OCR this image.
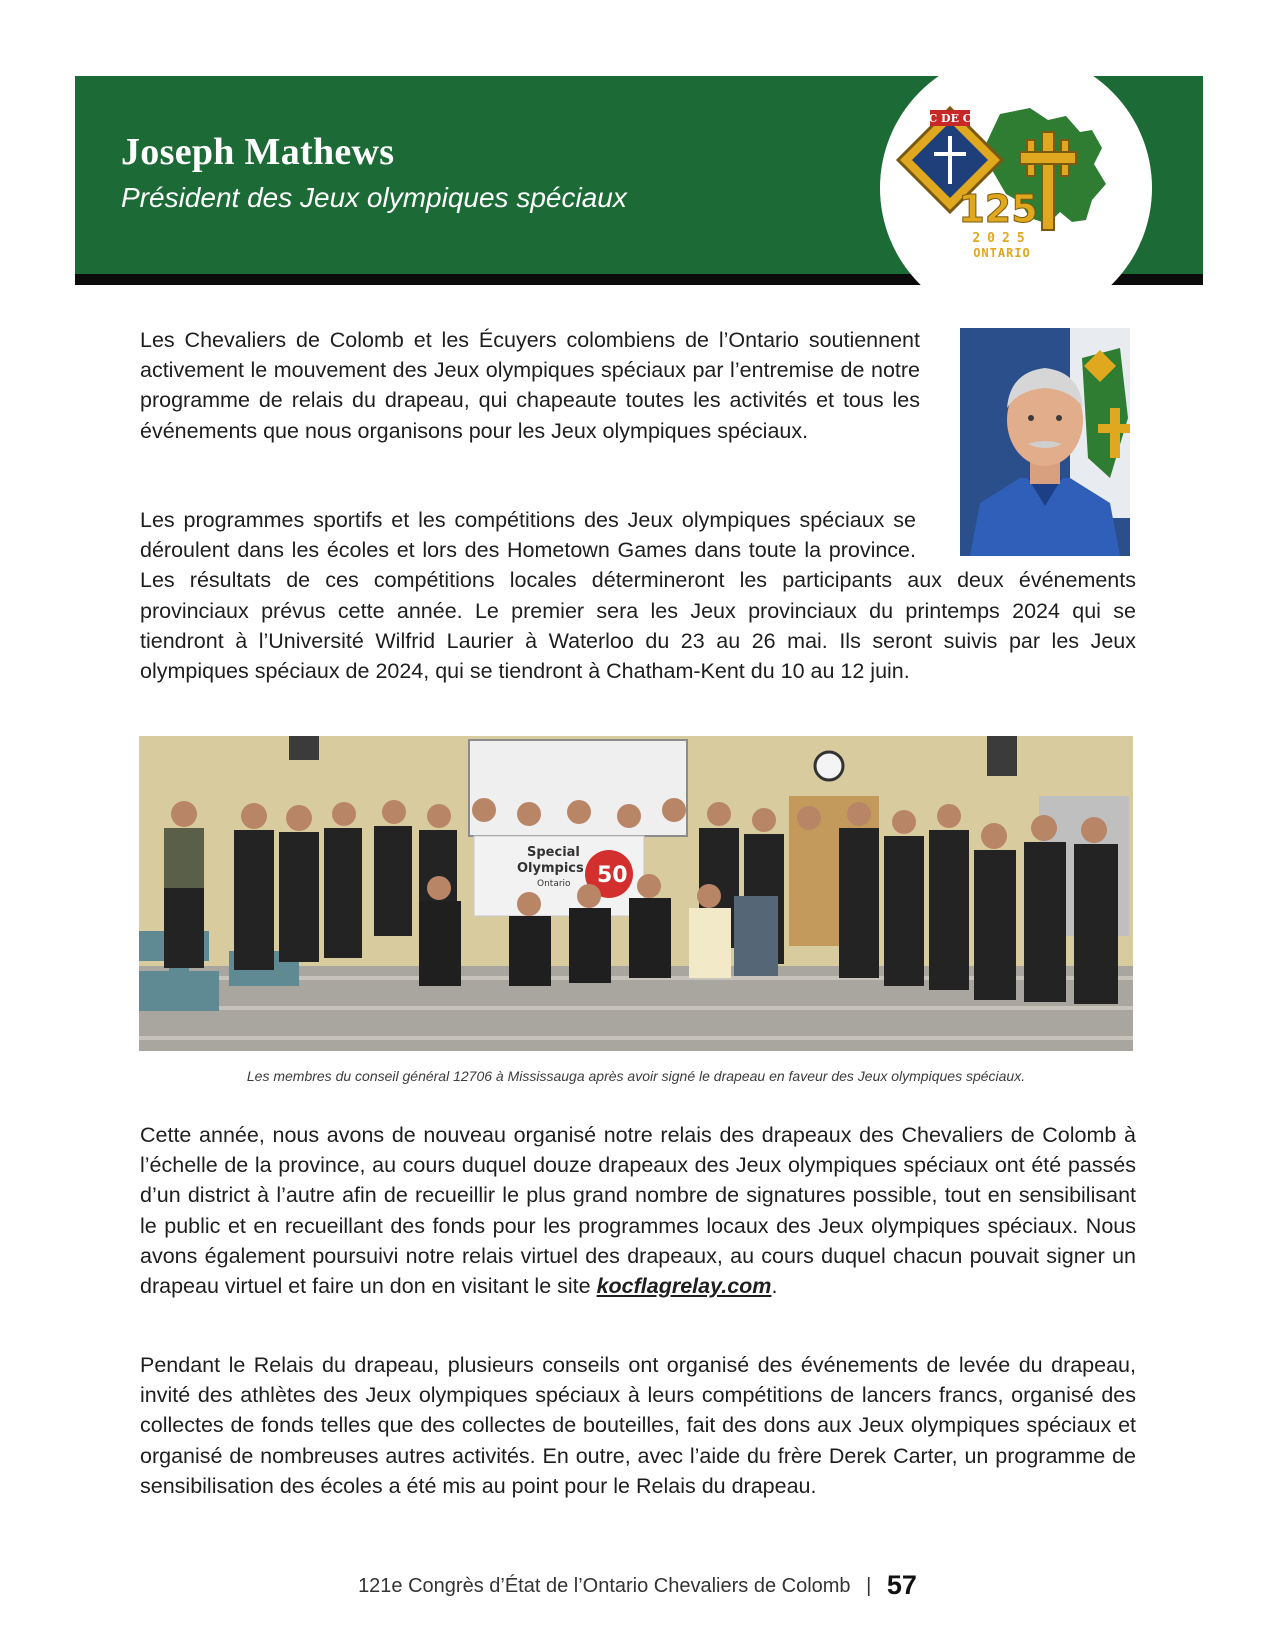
Joseph Mathews
Président des Jeux olympiques spéciaux
C DE C
125
2025
ONTARIO

Les Chevaliers de Colomb et les Écuyers colombiens de l’Ontario soutiennent activement le mouvement des Jeux olympiques spéciaux par l’entremise de notre programme de relais du drapeau, qui chapeaute toutes les activités et tous les événements que nous organisons pour les Jeux olympiques spéciaux.

Les programmes sportifs et les compétitions des Jeux olympiques spéciaux se déroulent dans les écoles et lors des Hometown Games dans toute la province. Les résultats de ces compétitions locales détermineront les participants aux deux événements provinciaux prévus cette année. Le premier sera les Jeux provinciaux du printemps 2024 qui se tiendront à l’Université Wilfrid Laurier à Waterloo du 23 au 26 mai. Ils seront suivis par les Jeux olympiques spéciaux de 2024, qui se tiendront à Chatham-Kent du 10 au 12 juin.

Special
Olympics
Ontario 50
Les membres du conseil général 12706 à Mississauga après avoir signé le drapeau en faveur des Jeux olympiques spéciaux.

Cette année, nous avons de nouveau organisé notre relais des drapeaux des Chevaliers de Colomb à l’échelle de la province, au cours duquel douze drapeaux des Jeux olympiques spéciaux ont été passés d’un district à l’autre afin de recueillir le plus grand nombre de signatures possible, tout en sensibilisant le public et en recueillant des fonds pour les programmes locaux des Jeux olympiques spéciaux. Nous avons également poursuivi notre relais virtuel des drapeaux, au cours duquel chacun pouvait signer un drapeau virtuel et faire un don en visitant le site kocflagrelay.com.

Pendant le Relais du drapeau, plusieurs conseils ont organisé des événements de levée du drapeau, invité des athlètes des Jeux olympiques spéciaux à leurs compétitions de lancers francs, organisé des collectes de fonds telles que des collectes de bouteilles, fait des dons aux Jeux olympiques spéciaux et organisé de nombreuses autres activités. En outre, avec l’aide du frère Derek Carter, un programme de sensibilisation des écoles a été mis au point pour le Relais du drapeau.

121e Congrès d’État de l’Ontario Chevaliers de Colomb | 57
